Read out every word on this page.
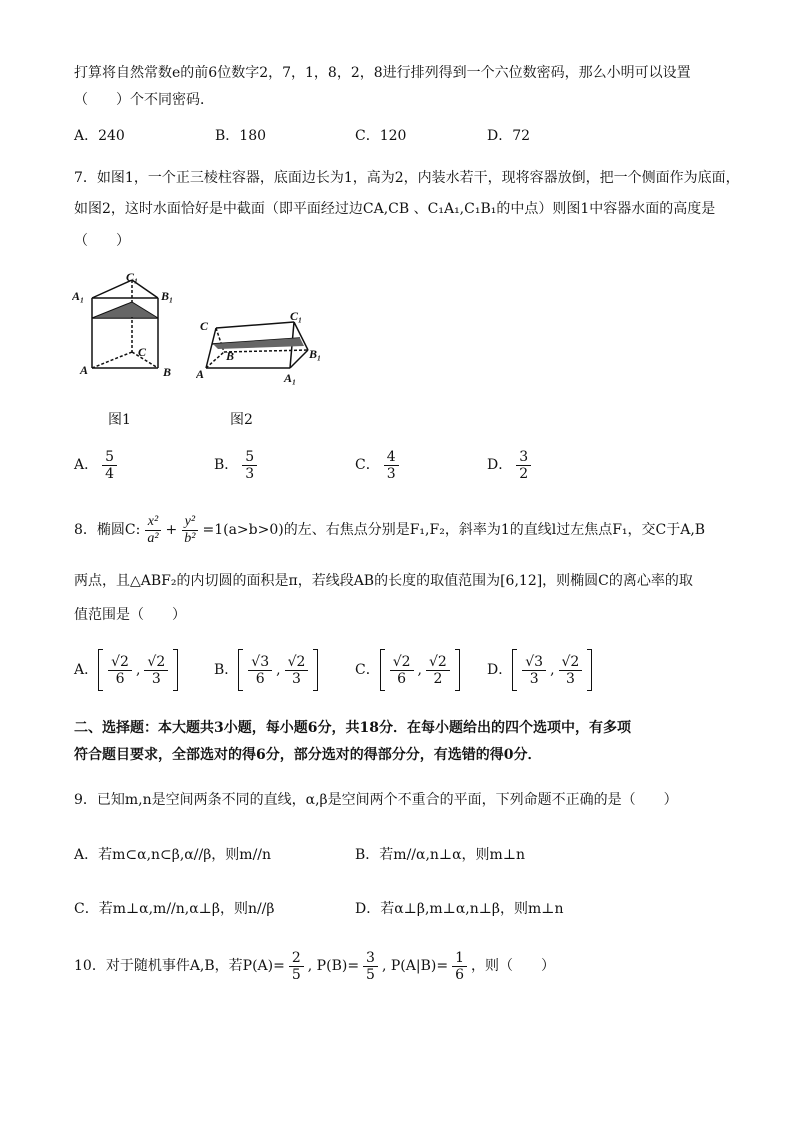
打算将自然常数e的前6位数字2，7，1，8，2，8进行排列得到一个六位数密码，那么小明可以设置
（　　）个不同密码．
A．240	B．180	C．120	D．72
7．如图1，一个正三棱柱容器，底面边长为1，高为2，内装水若干，现将容器放倒，把一个侧面作为底面，
如图2，这时水面恰好是中截面（即平面经过边CA,CB 、C₁A₁,C₁B₁的中点）则图1中容器水面的高度是
（　　）
C₁
A₁	B₁
C
A	B
C
C₁
B	B₁
A	A₁
图1	图2
A． $\frac{5}{4}$	B． $\frac{5}{3}$	C． $\frac{4}{3}$	D． $\frac{3}{2}$
8．椭圆C: $\frac{\text{x²}}{\text{a²}} + \frac{\text{y²}}{\text{b²}} =1(a>b>0)$的左、右焦点分别是F₁,F₂，斜率为1的直线l过左焦点F₁，交C于A,B
两点，且△ABF₂的内切圆的面积是π，若线段AB的长度的取值范围为[6,12]，则椭圆C的离心率的取
值范围是（　　）
A． $\frac{√2}{6}$ , $\frac{√2}{3}$	B． $\frac{√3}{6}$ , $\frac{√2}{3}$	C． $\frac{√2}{6}$ , $\frac{√2}{2}$	D． $\frac{√3}{3}$ , $\frac{√2}{3}$
二、选择题：本大题共3小题，每小题6分，共18分．在每小题给出的四个选项中，有多项
符合题目要求，全部选对的得6分，部分选对的得部分分，有选错的得0分．
9．已知m,n是空间两条不同的直线，α,β是空间两个不重合的平面，下列命题不正确的是（　　）
A．若m⊂α,n⊂β,α//β，则m//n	B．若m//α,n⊥α，则m⊥n
C．若m⊥α,m//n,α⊥β，则n//β	D．若α⊥β,m⊥α,n⊥β，则m⊥n
10．对于随机事件A,B，若$P(A)= \frac{2}{5}$ , $P(B)= \frac{3}{5}$ , $P(A|B)= \frac{1}{6}$ ，则（　　）
